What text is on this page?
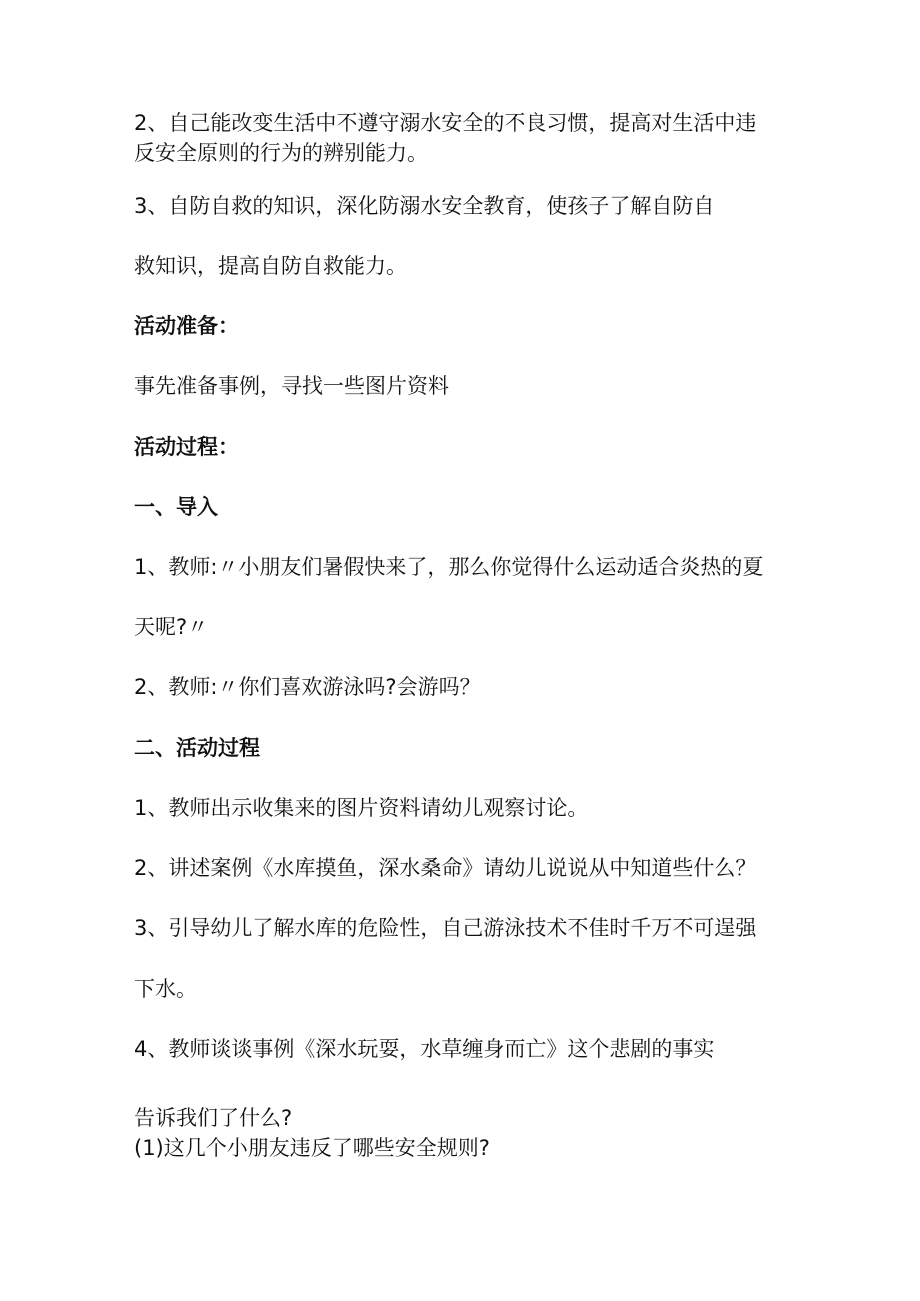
2、自己能改变生活中不遵守溺水安全的不良习惯，提高对生活中违

反安全原则的行为的辨别能力。

3、自防自救的知识，深化防溺水安全教育，使孩子了解自防自

救知识，提高自防自救能力。

活动准备：

事先准备事例，寻找一些图片资料

活动过程：

一、导入

1、教师:〃小朋友们暑假快来了，那么你觉得什么运动适合炎热的夏

天呢?〃

2、教师:〃你们喜欢游泳吗?会游吗？

二、活动过程

1、教师出示收集来的图片资料请幼儿观察讨论。

2、讲述案例《水库摸鱼，深水桑命》请幼儿说说从中知道些什么？

3、引导幼儿了解水库的危险性，自己游泳技术不佳时千万不可逞强

下水。

4、教师谈谈事例《深水玩耍，水草缠身而亡》这个悲剧的事实

告诉我们了什么?

(1)这几个小朋友违反了哪些安全规则?
